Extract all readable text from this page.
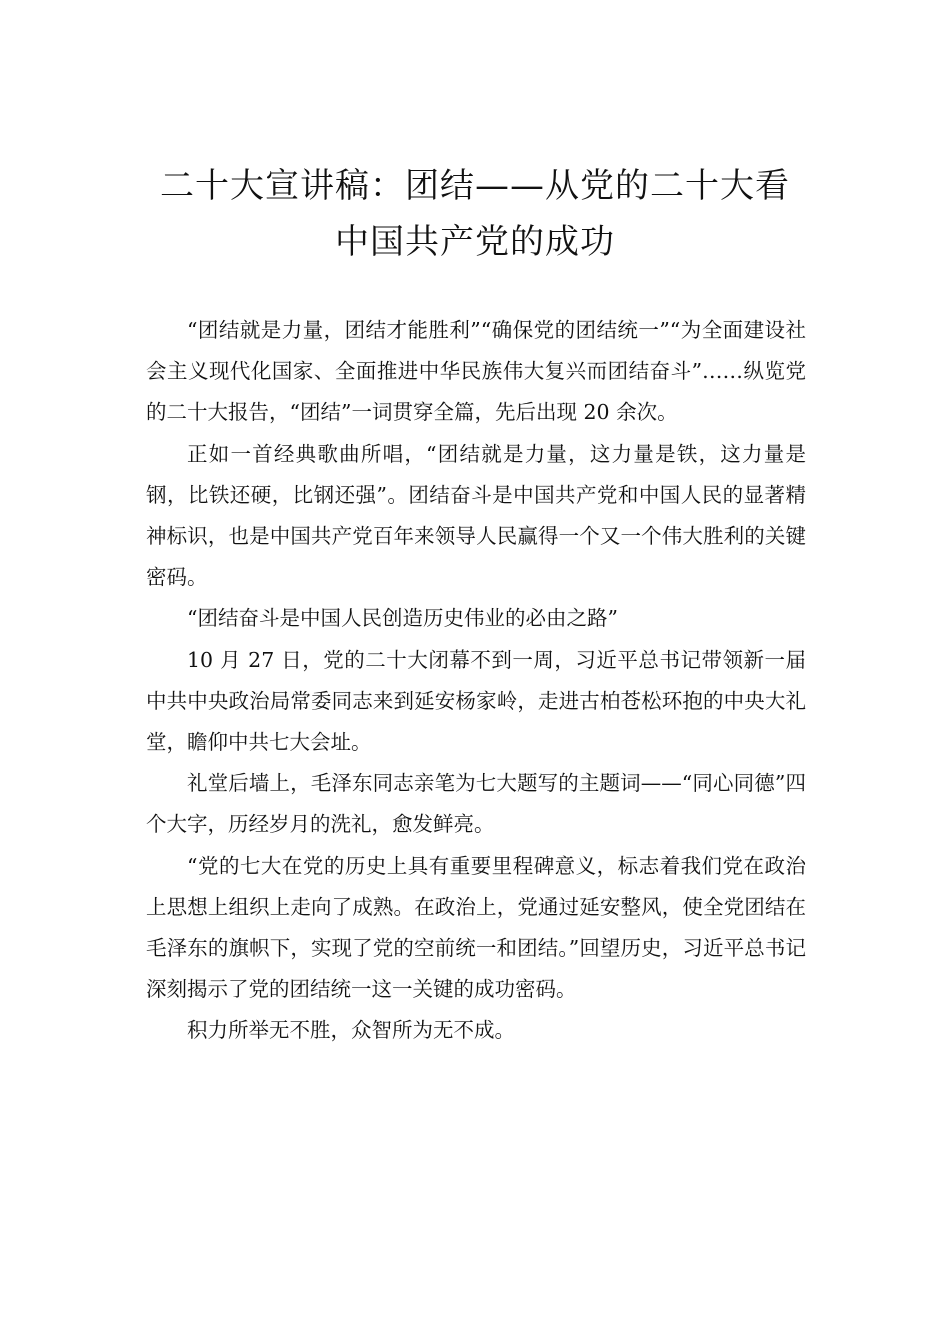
二十大宣讲稿：团结——从党的二十大看
中国共产党的成功

“团结就是力量，团结才能胜利”“确保党的团结统一”“为全面建设社会主义现代化国家、全面推进中华民族伟大复兴而团结奋斗”……纵览党的二十大报告，“团结”一词贯穿全篇，先后出现 20 余次。

正如一首经典歌曲所唱，“团结就是力量，这力量是铁，这力量是钢，比铁还硬，比钢还强”。团结奋斗是中国共产党和中国人民的显著精神标识，也是中国共产党百年来领导人民赢得一个又一个伟大胜利的关键密码。

“团结奋斗是中国人民创造历史伟业的必由之路”

10 月 27 日，党的二十大闭幕不到一周，习近平总书记带领新一届中共中央政治局常委同志来到延安杨家岭，走进古柏苍松环抱的中央大礼堂，瞻仰中共七大会址。

礼堂后墙上，毛泽东同志亲笔为七大题写的主题词——“同心同德”四个大字，历经岁月的洗礼，愈发鲜亮。

“党的七大在党的历史上具有重要里程碑意义，标志着我们党在政治上思想上组织上走向了成熟。在政治上，党通过延安整风，使全党团结在毛泽东的旗帜下，实现了党的空前统一和团结。”回望历史，习近平总书记深刻揭示了党的团结统一这一关键的成功密码。

积力所举无不胜，众智所为无不成。
